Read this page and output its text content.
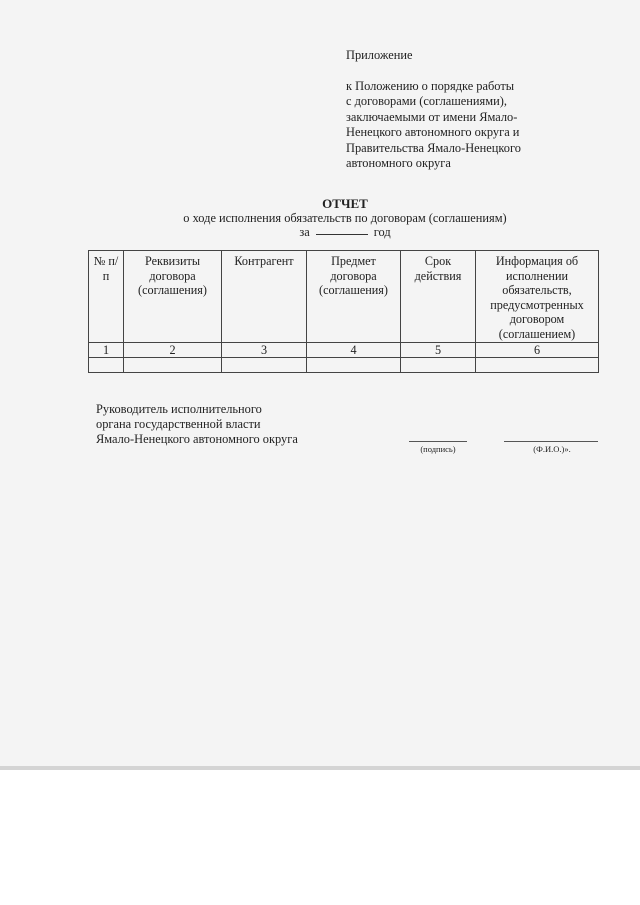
Приложение
к Положению о порядке работы
с договорами (соглашениями),
заключаемыми от имени Ямало-
Ненецкого автономного округа и
Правительства Ямало-Ненецкого
автономного округа
ОТЧЕТ
о ходе исполнения обязательств по договорам (соглашениям)
за	год
№ п/п	Реквизиты договора (соглашения)	Контрагент	Предмет договора (соглашения)	Срок действия	Информация об исполнении обязательств, предусмотренных договором (соглашением)
1	2	3	4	5	6

Руководитель исполнительного
органа государственной власти
Ямало-Ненецкого автономного округа
(подпись)	(Ф.И.О.)».
